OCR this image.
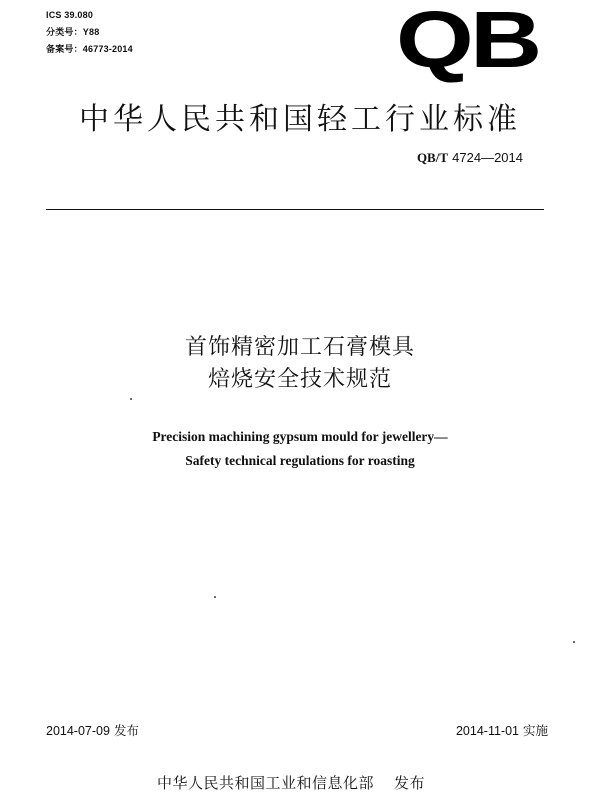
ICS 39.080
分类号：Y88
备案号：46773-2014	QB
中华人民共和国轻工行业标准
QB/T 4724—2014
首饰精密加工石膏模具
焙烧安全技术规范
Precision machining gypsum mould for jewellery—
Safety technical regulations for roasting
2014-07-09 发布	2014-11-01 实施
中华人民共和国工业和信息化部 发布
